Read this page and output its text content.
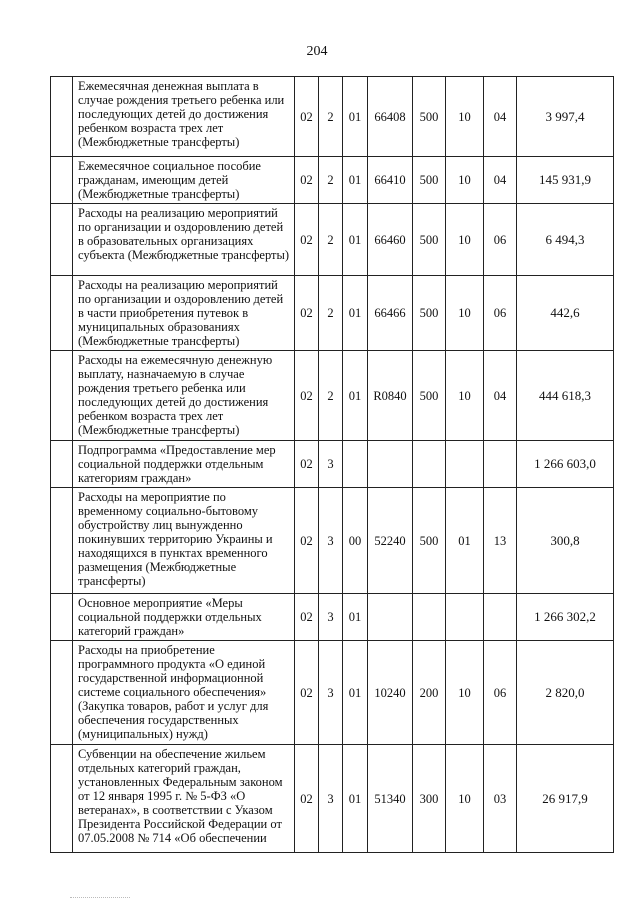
204
	Ежемесячная денежная выплата в случае рождения третьего ребенка или последующих детей до достижения ребенком возраста трех лет (Межбюджетные трансферты)	02	2	01	66408	500	10	04	3 997,4
	Ежемесячное социальное пособие гражданам, имеющим детей (Межбюджетные трансферты)	02	2	01	66410	500	10	04	145 931,9
	Расходы на реализацию мероприятий по организации и оздоровлению детей в образовательных организациях субъекта (Межбюджетные трансферты)	02	2	01	66460	500	10	06	6 494,3
	Расходы на реализацию мероприятий по организации и оздоровлению детей в части приобретения путевок в муниципальных образованиях (Межбюджетные трансферты)	02	2	01	66466	500	10	06	442,6
	Расходы на ежемесячную денежную выплату, назначаемую в случае рождения третьего ребенка или последующих детей до достижения ребенком возраста трех лет (Межбюджетные трансферты)	02	2	01	R0840	500	10	04	444 618,3
	Подпрограмма «Предоставление мер социальной поддержки отдельным категориям граждан»	02	3						1 266 603,0
	Расходы на мероприятие по временному социально-бытовому обустройству лиц вынужденно покинувших территорию Украины и находящихся в пунктах временного размещения (Межбюджетные трансферты)	02	3	00	52240	500	01	13	300,8
	Основное мероприятие «Меры социальной поддержки отдельных категорий граждан»	02	3	01					1 266 302,2
	Расходы на приобретение программного продукта «О единой государственной информационной системе социального обеспечения» (Закупка товаров, работ и услуг для обеспечения государственных (муниципальных) нужд)	02	3	01	10240	200	10	06	2 820,0
	Субвенции на обеспечение жильем отдельных категорий граждан, установленных Федеральным законом от 12 января 1995 г. № 5-ФЗ «О ветеранах», в соответствии с Указом Президента Российской Федерации от 07.05.2008 № 714 «Об обеспечении	02	3	01	51340	300	10	03	26 917,9
